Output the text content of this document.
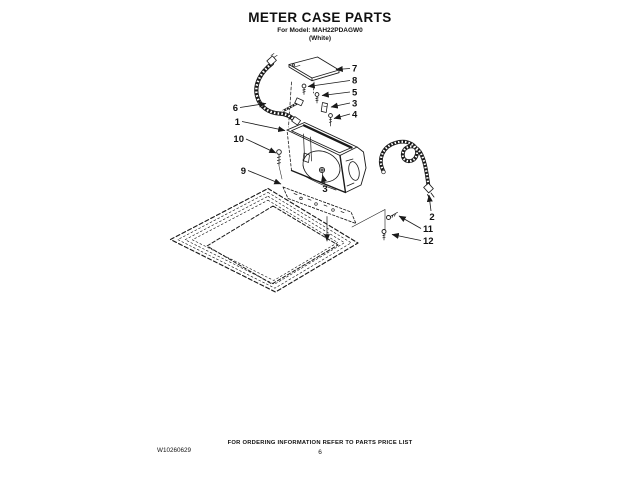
METER CASE PARTS
For Model: MAH22PDAGW0
(White)
7
8
5
3
4
6
1
10
9
3
2
11
12
FOR ORDERING INFORMATION REFER TO PARTS PRICE LIST
6
W10260629
